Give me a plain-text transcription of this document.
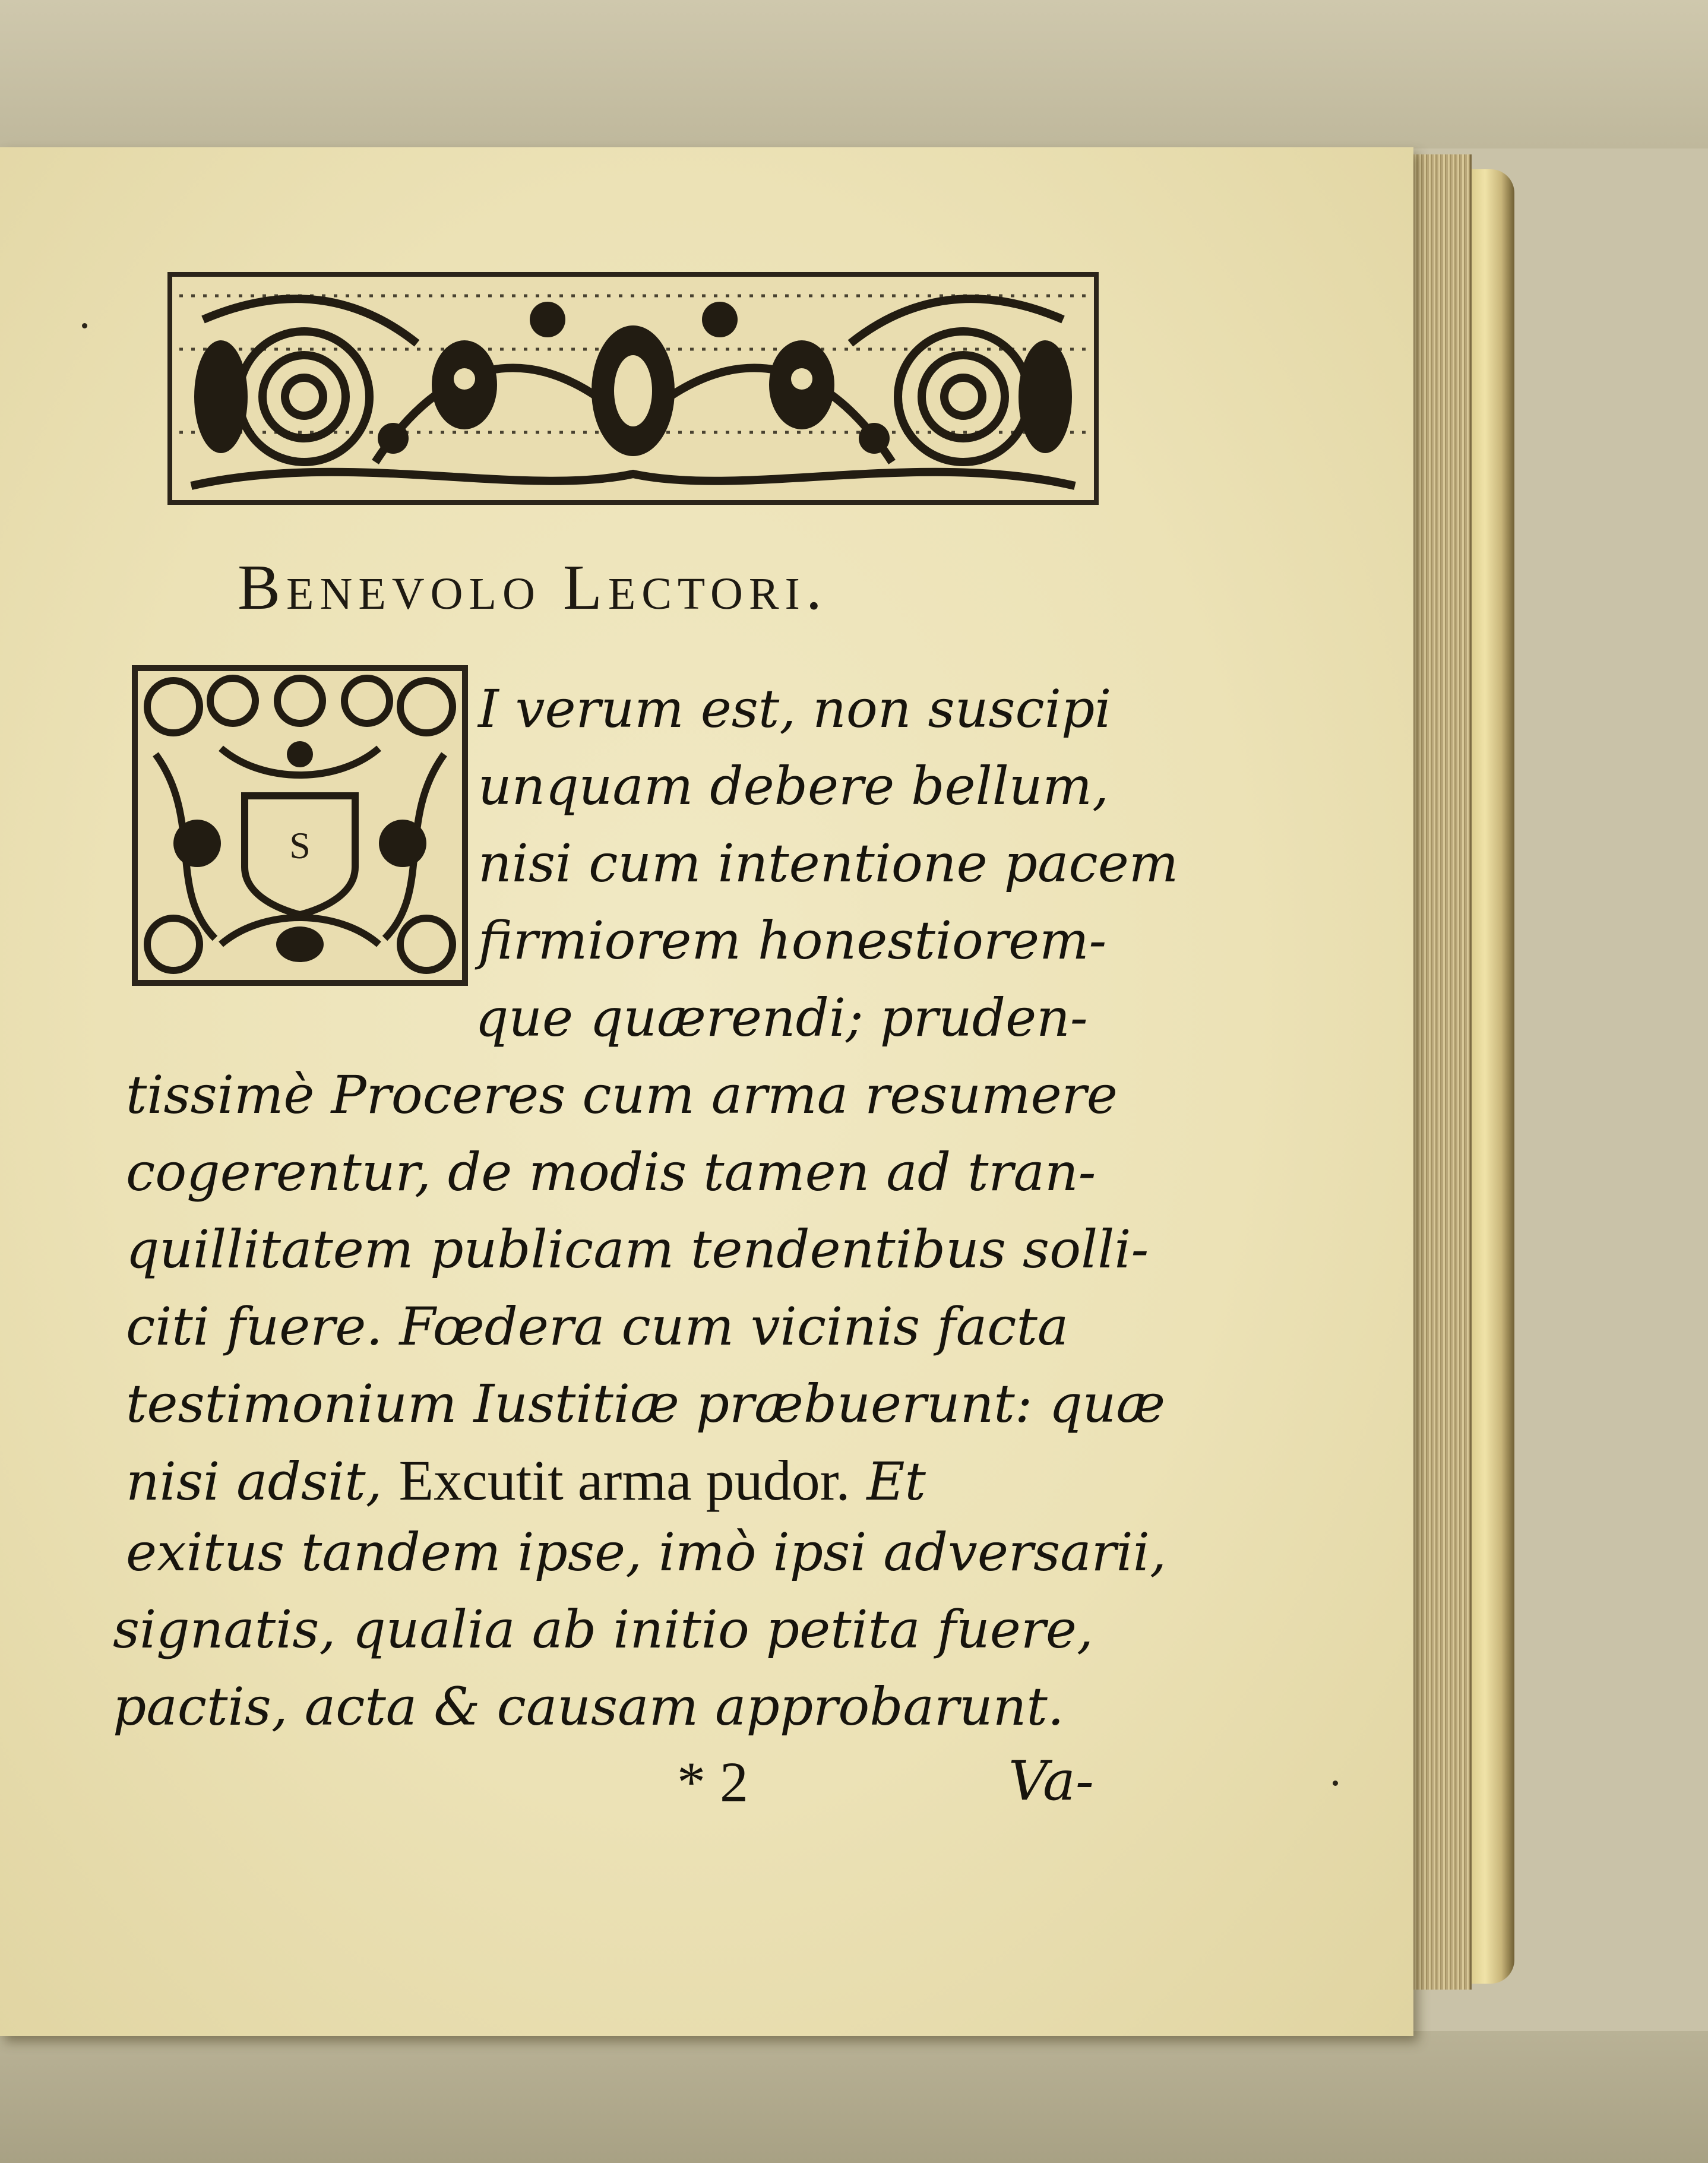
Benevolo Lectori.
S
I verum est, non suscipi
unquam debere bellum,
nisi cum intentione pacem
firmiorem honestiorem-
que quærendi; pruden-
tissimè Proceres cum arma resumere
cogerentur, de modis tamen ad tran-
quillitatem publicam tendentibus solli-
citi fuere. Fœdera cum vicinis facta
testimonium Iustitiæ præbuerunt: quæ
nisi adsit, Excutit arma pudor. Et
exitus tandem ipse, imò ipsi adversarii,
signatis, qualia ab initio petita fuere,
pactis, acta & causam approbarunt.
* 2	Va-
